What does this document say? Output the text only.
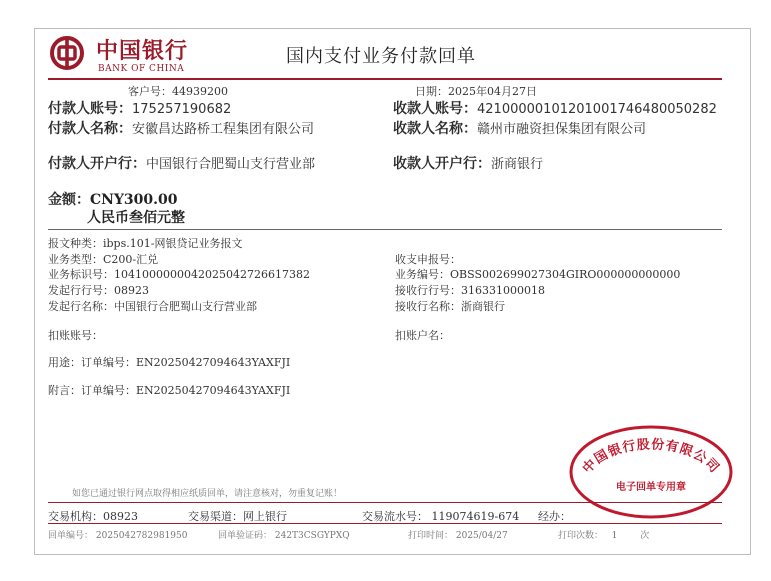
中国银行
BANK OF CHINA
国内支付业务付款回单
客户号：44939200	日期：2025年04月27日
付款人账号：175257190682	收款人账号：421000001012010017464800502​82
付款人名称：安徽昌达路桥工程集团有限公司	收款人名称：赣州市融资担保集团有限公司
付款人开户行：中国银行合肥蜀山支行营业部	收款人开户行：浙商银行
金额：CNY300.00
人民币叁佰元整
报文种类：ibps.101-网银贷记业务报文
业务类型：C200-汇兑
业务标识号：104100000004202504272661​7382
发起行行号：08923
发起行名称：中国银行合肥蜀山支行营业部
收支申报号：
业务编号：OBSS002699027304GIRO000000000000
接收行行号：316331000018
接收行名称：浙商银行
扣账账号：	扣账户名：
用途：订单编号：EN20250427094643YAXFJI
附言：订单编号：EN20250427094643YAXFJI
如您已通过银行网点取得相应纸质回单，请注意核对，勿重复记账！
中国银行股份有限公司
电子回单专用章
交易机构：08923	交易渠道：网上银行	交易流水号： 119074619-674 经办：
回单编号： 2025042782981950	回单验证码： 242T3CSGYPXQ	打印时间： 2025/04/27	打印次数： 1	次
